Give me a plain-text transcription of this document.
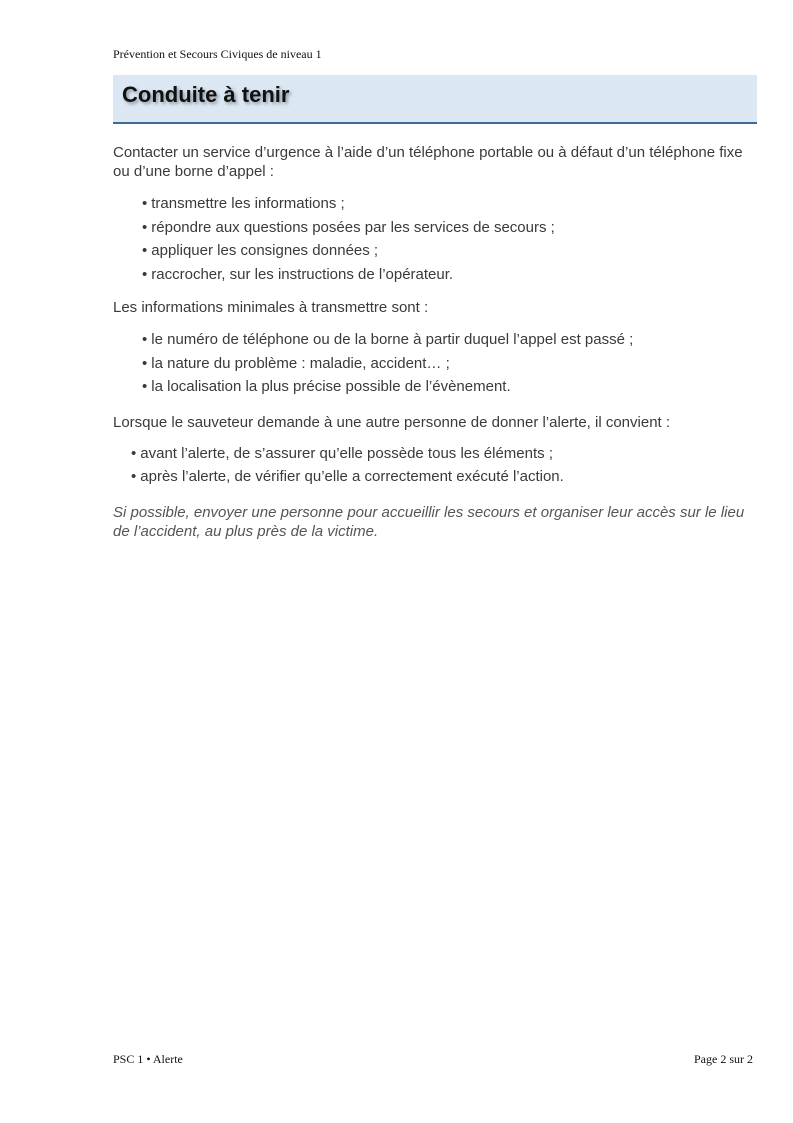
Prévention et Secours Civiques de niveau 1
Conduite à tenir

Contacter un service d’urgence à l’aide d’un téléphone portable ou à défaut d’un téléphone fixe ou d’une borne d’appel :

• transmettre les informations ;
• répondre aux questions posées par les services de secours ;
• appliquer les consignes données ;
• raccrocher, sur les instructions de l’opérateur.

Les informations minimales à transmettre sont :

• le numéro de téléphone ou de la borne à partir duquel l’appel est passé ;
• la nature du problème : maladie, accident… ;
• la localisation la plus précise possible de l’évènement.

Lorsque le sauveteur demande à une autre personne de donner l’alerte, il convient :

• avant l’alerte, de s’assurer qu’elle possède tous les éléments ;
• après l’alerte, de vérifier qu’elle a correctement exécuté l’action.

Si possible, envoyer une personne pour accueillir les secours et organiser leur accès sur le lieu de l’accident, au plus près de la victime.

PSC 1 • Alerte	Page 2 sur 2
